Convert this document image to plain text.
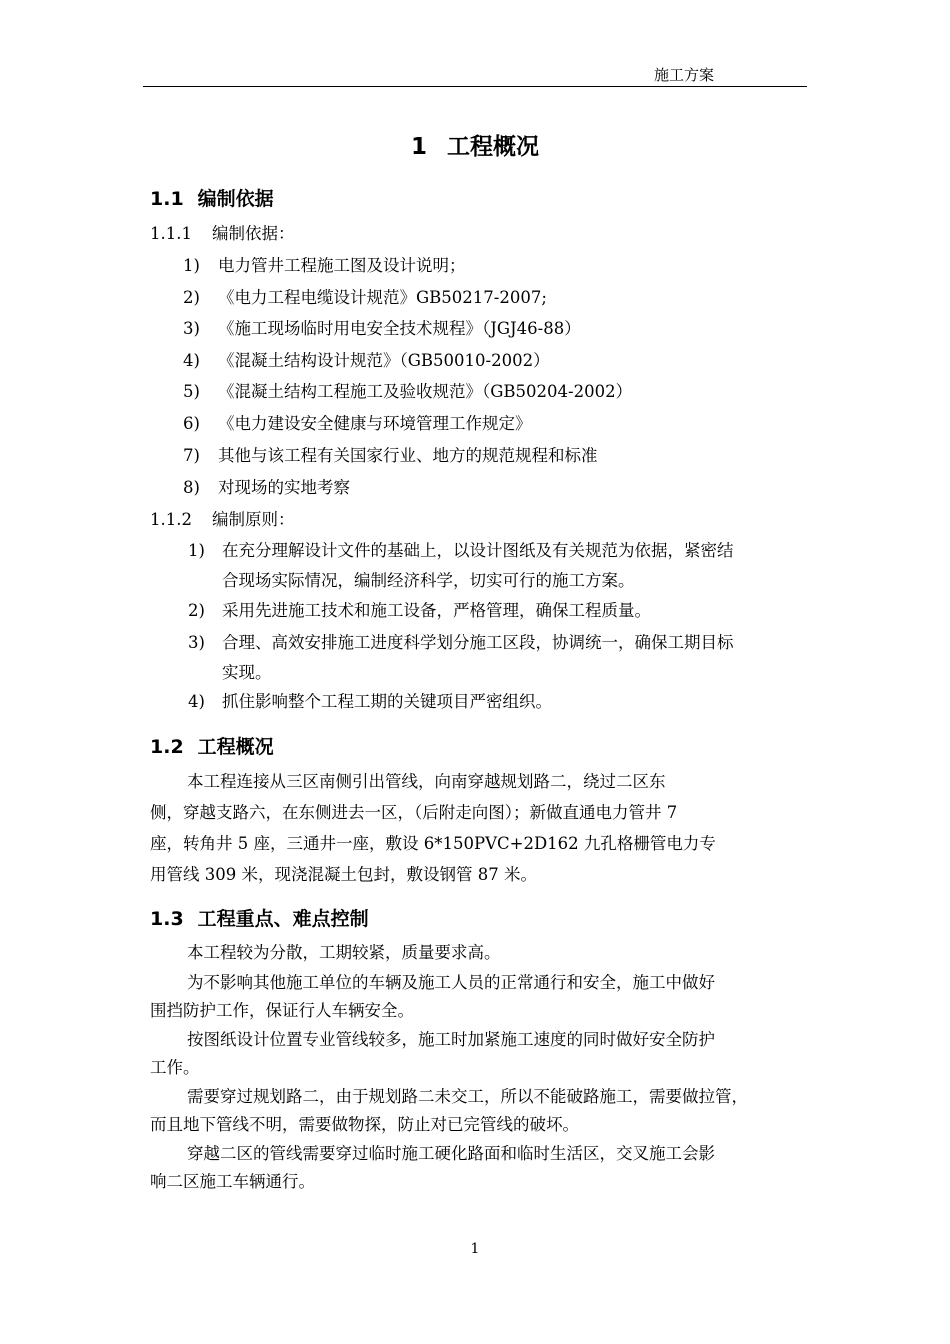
施工方案
1 工程概况
1.1 编制依据
1.1.1 编制依据：
1) 电力管井工程施工图及设计说明；
2) 《电力工程电缆设计规范》GB50217-2007;
3) 《施工现场临时用电安全技术规程》（JGJ46-88）
4) 《混凝土结构设计规范》（GB50010-2002）
5) 《混凝土结构工程施工及验收规范》（GB50204-2002）
6) 《电力建设安全健康与环境管理工作规定》
7) 其他与该工程有关国家行业、地方的规范规程和标准
8) 对现场的实地考察
1.1.2 编制原则：
1) 在充分理解设计文件的基础上，以设计图纸及有关规范为依据，紧密结
合现场实际情况，编制经济科学，切实可行的施工方案。
2) 采用先进施工技术和施工设备，严格管理，确保工程质量。
3) 合理、高效安排施工进度科学划分施工区段，协调统一，确保工期目标
实现。
4) 抓住影响整个工程工期的关键项目严密组织。
1.2 工程概况
本工程连接从三区南侧引出管线，向南穿越规划路二，绕过二区东
侧，穿越支路六，在东侧进去一区，（后附走向图）；新做直通电力管井 7
座，转角井 5 座，三通井一座，敷设 6*150PVC+2D162 九孔格栅管电力专
用管线 309 米，现浇混凝土包封，敷设钢管 87 米。
1.3 工程重点、难点控制
本工程较为分散，工期较紧，质量要求高。
为不影响其他施工单位的车辆及施工人员的正常通行和安全，施工中做好
围挡防护工作，保证行人车辆安全。
按图纸设计位置专业管线较多，施工时加紧施工速度的同时做好安全防护
工作。
需要穿过规划路二，由于规划路二未交工，所以不能破路施工，需要做拉管，
而且地下管线不明，需要做物探，防止对已完管线的破坏。
穿越二区的管线需要穿过临时施工硬化路面和临时生活区，交叉施工会影
响二区施工车辆通行。
1
